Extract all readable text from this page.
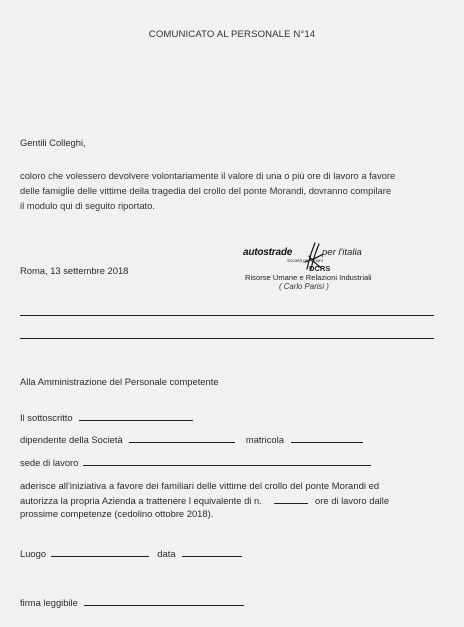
COMUNICATO AL PERSONALE N°14
Gentili Colleghi,
coloro che volessero devolvere volontariamente il valore di una o più ore di lavoro a favore
delle famiglie delle vittime della tragedia del crollo del ponte Morandi, dovranno compilare
il modulo qui di seguito riportato.
autostrade	per l'italia
Società per azioni
DCRS
Risorse Umane e Relazioni Industriali
( Carlo Parisi )
Roma, 13 settembre 2018
Alla Amministrazione del Personale competente
Il sottoscritto
dipendente della Società	matricola
sede di lavoro
aderisce all'iniziativa a favore dei familiari delle vittime del crollo del ponte Morandi ed
autorizza la propria Azienda a trattenere l equivalente di n.	ore di lavoro dalle
prossime competenze (cedolino ottobre 2018).
Luogo	data
firma leggibile
